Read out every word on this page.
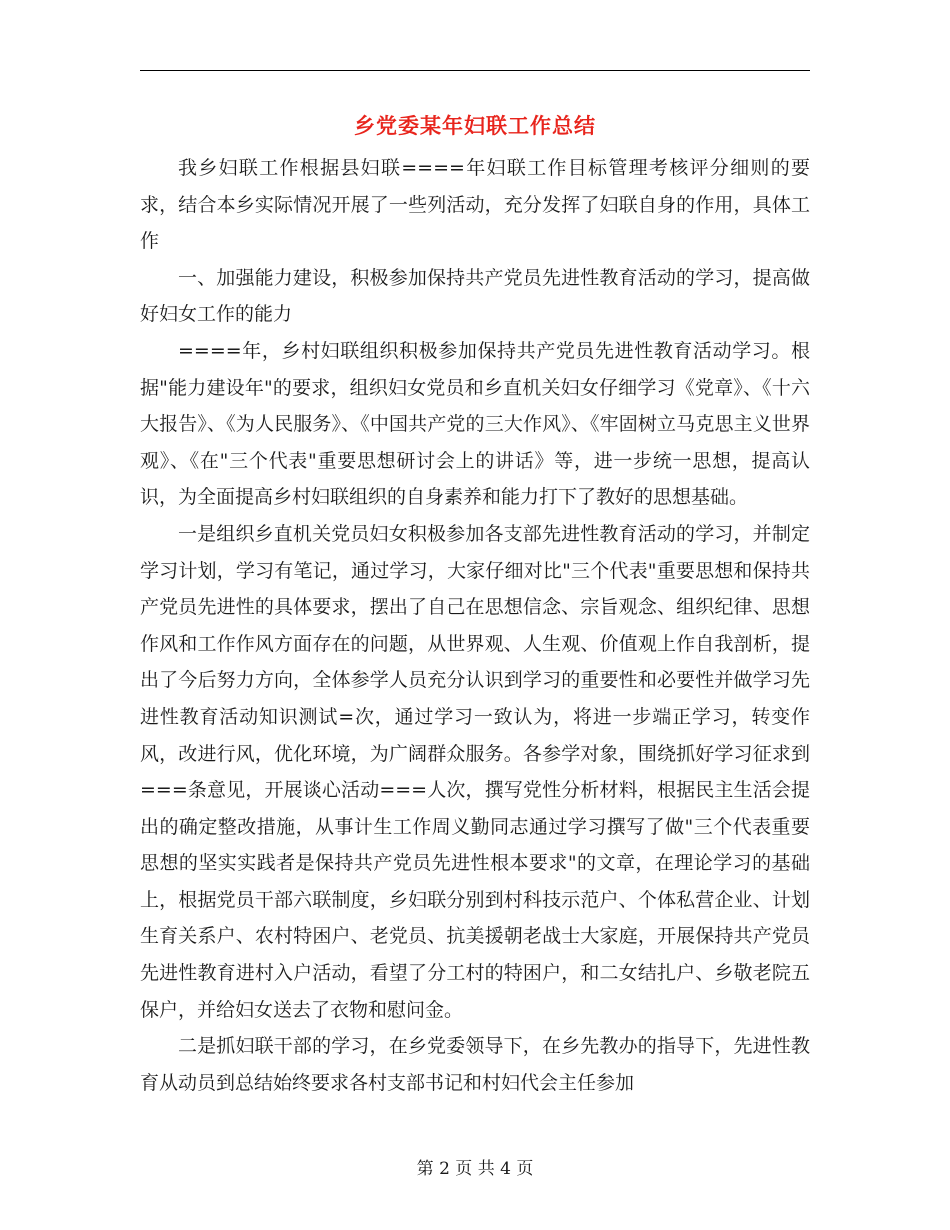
乡党委某年妇联工作总结

我乡妇联工作根据县妇联====年妇联工作目标管理考核评分细则的要求，结合本乡实际情况开展了一些列活动，充分发挥了妇联自身的作用，具体工作

一、加强能力建设，积极参加保持共产党员先进性教育活动的学习，提高做好妇女工作的能力

====年，乡村妇联组织积极参加保持共产党员先进性教育活动学习。根据"能力建设年"的要求，组织妇女党员和乡直机关妇女仔细学习《党章》、《十六大报告》、《为人民服务》、《中国共产党的三大作风》、《牢固树立马克思主义世界观》、《在"三个代表"重要思想研讨会上的讲话》等，进一步统一思想，提高认识，为全面提高乡村妇联组织的自身素养和能力打下了教好的思想基础。

一是组织乡直机关党员妇女积极参加各支部先进性教育活动的学习，并制定学习计划，学习有笔记，通过学习，大家仔细对比"三个代表"重要思想和保持共产党员先进性的具体要求，摆出了自己在思想信念、宗旨观念、组织纪律、思想作风和工作作风方面存在的问题，从世界观、人生观、价值观上作自我剖析，提出了今后努力方向，全体参学人员充分认识到学习的重要性和必要性并做学习先进性教育活动知识测试=次，通过学习一致认为，将进一步端正学习，转变作风，改进行风，优化环境，为广阔群众服务。各参学对象，围绕抓好学习征求到===条意见，开展谈心活动===人次，撰写党性分析材料，根据民主生活会提出的确定整改措施，从事计生工作周义勤同志通过学习撰写了做"三个代表重要思想的坚实实践者是保持共产党员先进性根本要求"的文章，在理论学习的基础上，根据党员干部六联制度，乡妇联分别到村科技示范户、个体私营企业、计划生育关系户、农村特困户、老党员、抗美援朝老战士大家庭，开展保持共产党员先进性教育进村入户活动，看望了分工村的特困户，和二女结扎户、乡敬老院五保户，并给妇女送去了衣物和慰问金。

二是抓妇联干部的学习，在乡党委领导下，在乡先教办的指导下，先进性教育从动员到总结始终要求各村支部书记和村妇代会主任参加

第 2 页 共 4 页
